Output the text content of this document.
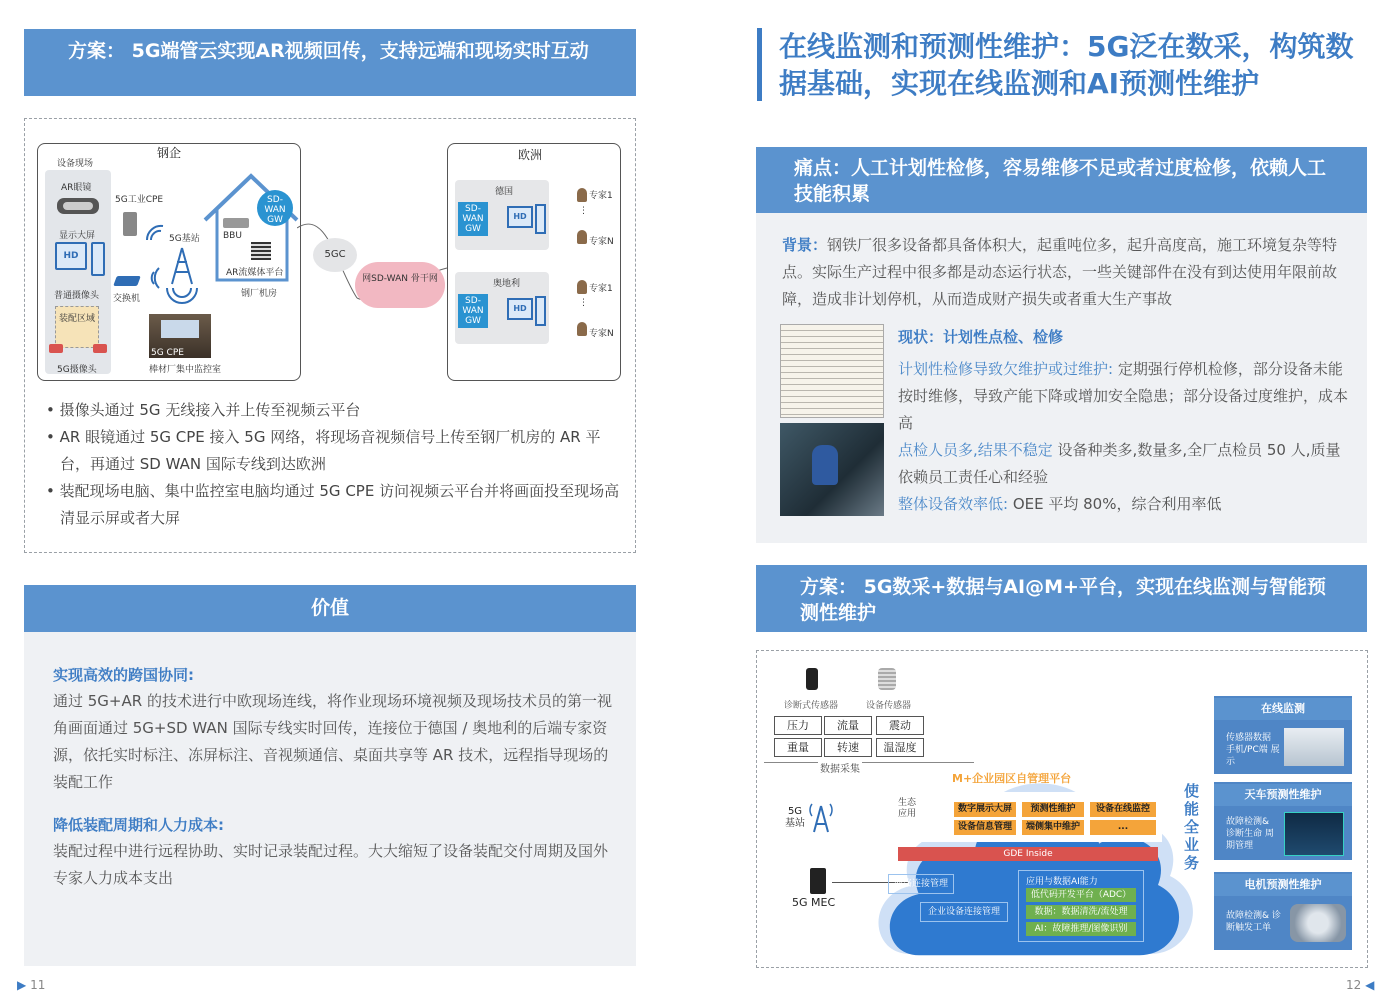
方案： 5G端管云实现AR视频回传，支持远端和现场实时互动
钢企
设备现场
AR眼镜
显示大屏
HD
普通摄像头
装配区域
5G摄像头
5G工业CPE
5G基站
交换机
SD-WAN GW
BBU
AR流媒体平台
钢厂机房
5G CPE
棒材厂集中监控室
5GC
网SD-WAN 骨干网
欧洲
德国
SD-WAN GW
HD
专家1
⋮
专家N
奥地利
SD-WAN GW
HD
专家1
⋮
专家N
• 摄像头通过 5G 无线接入并上传至视频云平台
• AR 眼镜通过 5G CPE 接入 5G 网络，将现场音视频信号上传至钢厂机房的 AR 平台，再通过 SD WAN 国际专线到达欧洲
• 装配现场电脑、集中监控室电脑均通过 5G CPE 访问视频云平台并将画面投至现场高清显示屏或者大屏
价值
实现高效的跨国协同:
通过 5G+AR 的技术进行中欧现场连线，将作业现场环境视频及现场技术员的第一视角画面通过 5G+SD WAN 国际专线实时回传，连接位于德国 / 奥地利的后端专家资源，依托实时标注、冻屏标注、音视频通信、桌面共享等 AR 技术，远程指导现场的装配工作
降低装配周期和人力成本:
装配过程中进行远程协助、实时记录装配过程。大大缩短了设备装配交付周期及国外专家人力成本支出
▶ 11
在线监测和预测性维护：5G泛在数采，构筑数据基础，实现在线监测和AI预测性维护
痛点：人工计划性检修，容易维修不足或者过度检修，依赖人工技能积累
背景：钢铁厂很多设备都具备体积大，起重吨位多，起升高度高，施工环境复杂等特点。实际生产过程中很多都是动态运行状态，一些关键部件在没有到达使用年限前故障，造成非计划停机，从而造成财产损失或者重大生产事故
现状：计划性点检、检修
计划性检修导致欠维护或过维护: 定期强行停机检修，部分设备未能按时维修，导致产能下降或增加安全隐患；部分设备过度维护，成本高
点检人员多,结果不稳定 设备种类多,数量多,全厂点检员 50 人,质量依赖员工责任心和经验
整体设备效率低: OEE 平均 80%，综合利用率低
方案： 5G数采+数据与AI@M+平台，实现在线监测与智能预测性维护
诊断式传感器	设备传感器
压力	流量	震动
重量	转速	温湿度
数据采集
5G 基站
5G MEC
M+企业园区自管理平台
生态 应用	数字展示大屏	预测性维护	设备在线监控
设备信息管理	端侧集中维护	...
GDE Inside
网络连接管理
企业设备连接管理
应用与数据AI能力
低代码开发平台（ADC）
数据：数据清洗/流处理
AI：故障推理/图像识别
使能全业务
在线监测
传感器数据 手机/PC端 展示
天车预测性维护
故障检测& 诊断生命 周期管理
电机预测性维护
故障检测& 诊断触发工单
12 ◀
